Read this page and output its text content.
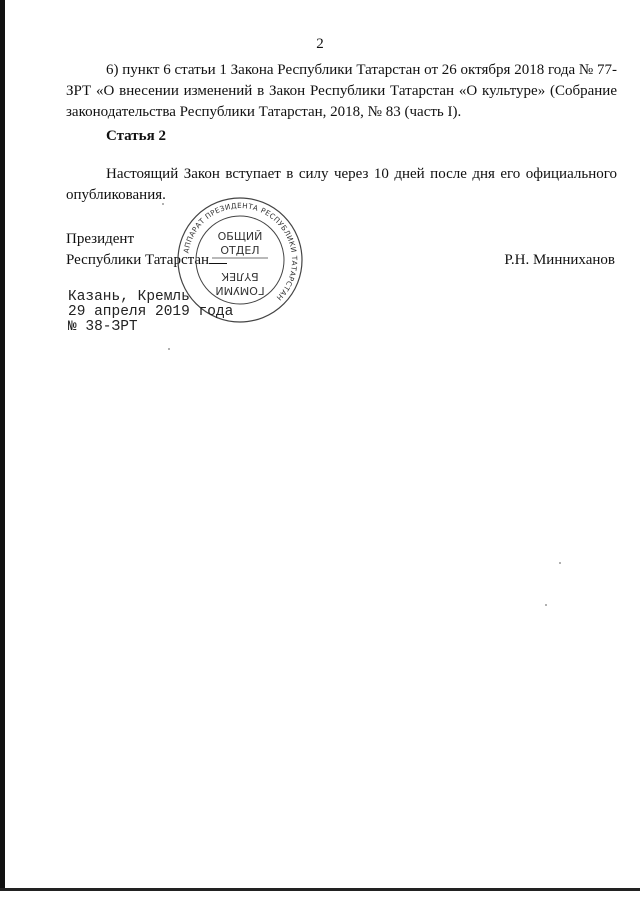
2
6) пункт 6 статьи 1 Закона Республики Татарстан от 26 октября 2018 года № 77-ЗРТ «О внесении изменений в Закон Республики Татарстан «О культуре» (Собрание законодательства Республики Татарстан, 2018, № 83 (часть I).
Статья 2
Настоящий Закон вступает в силу через 10 дней после дня его официального опубликования.
Президент
Республики Татарстан	Р.Н. Минниханов
АППАРАТ ПРЕЗИДЕНТА РЕСПУБЛИКИ ТАТАРСТАН
ОБЩИЙ
ОТДЕЛ
БҮЛЕК
ГОМУМИ
Казань, Кремль
29 апреля 2019 года
№ 38-ЗРТ
